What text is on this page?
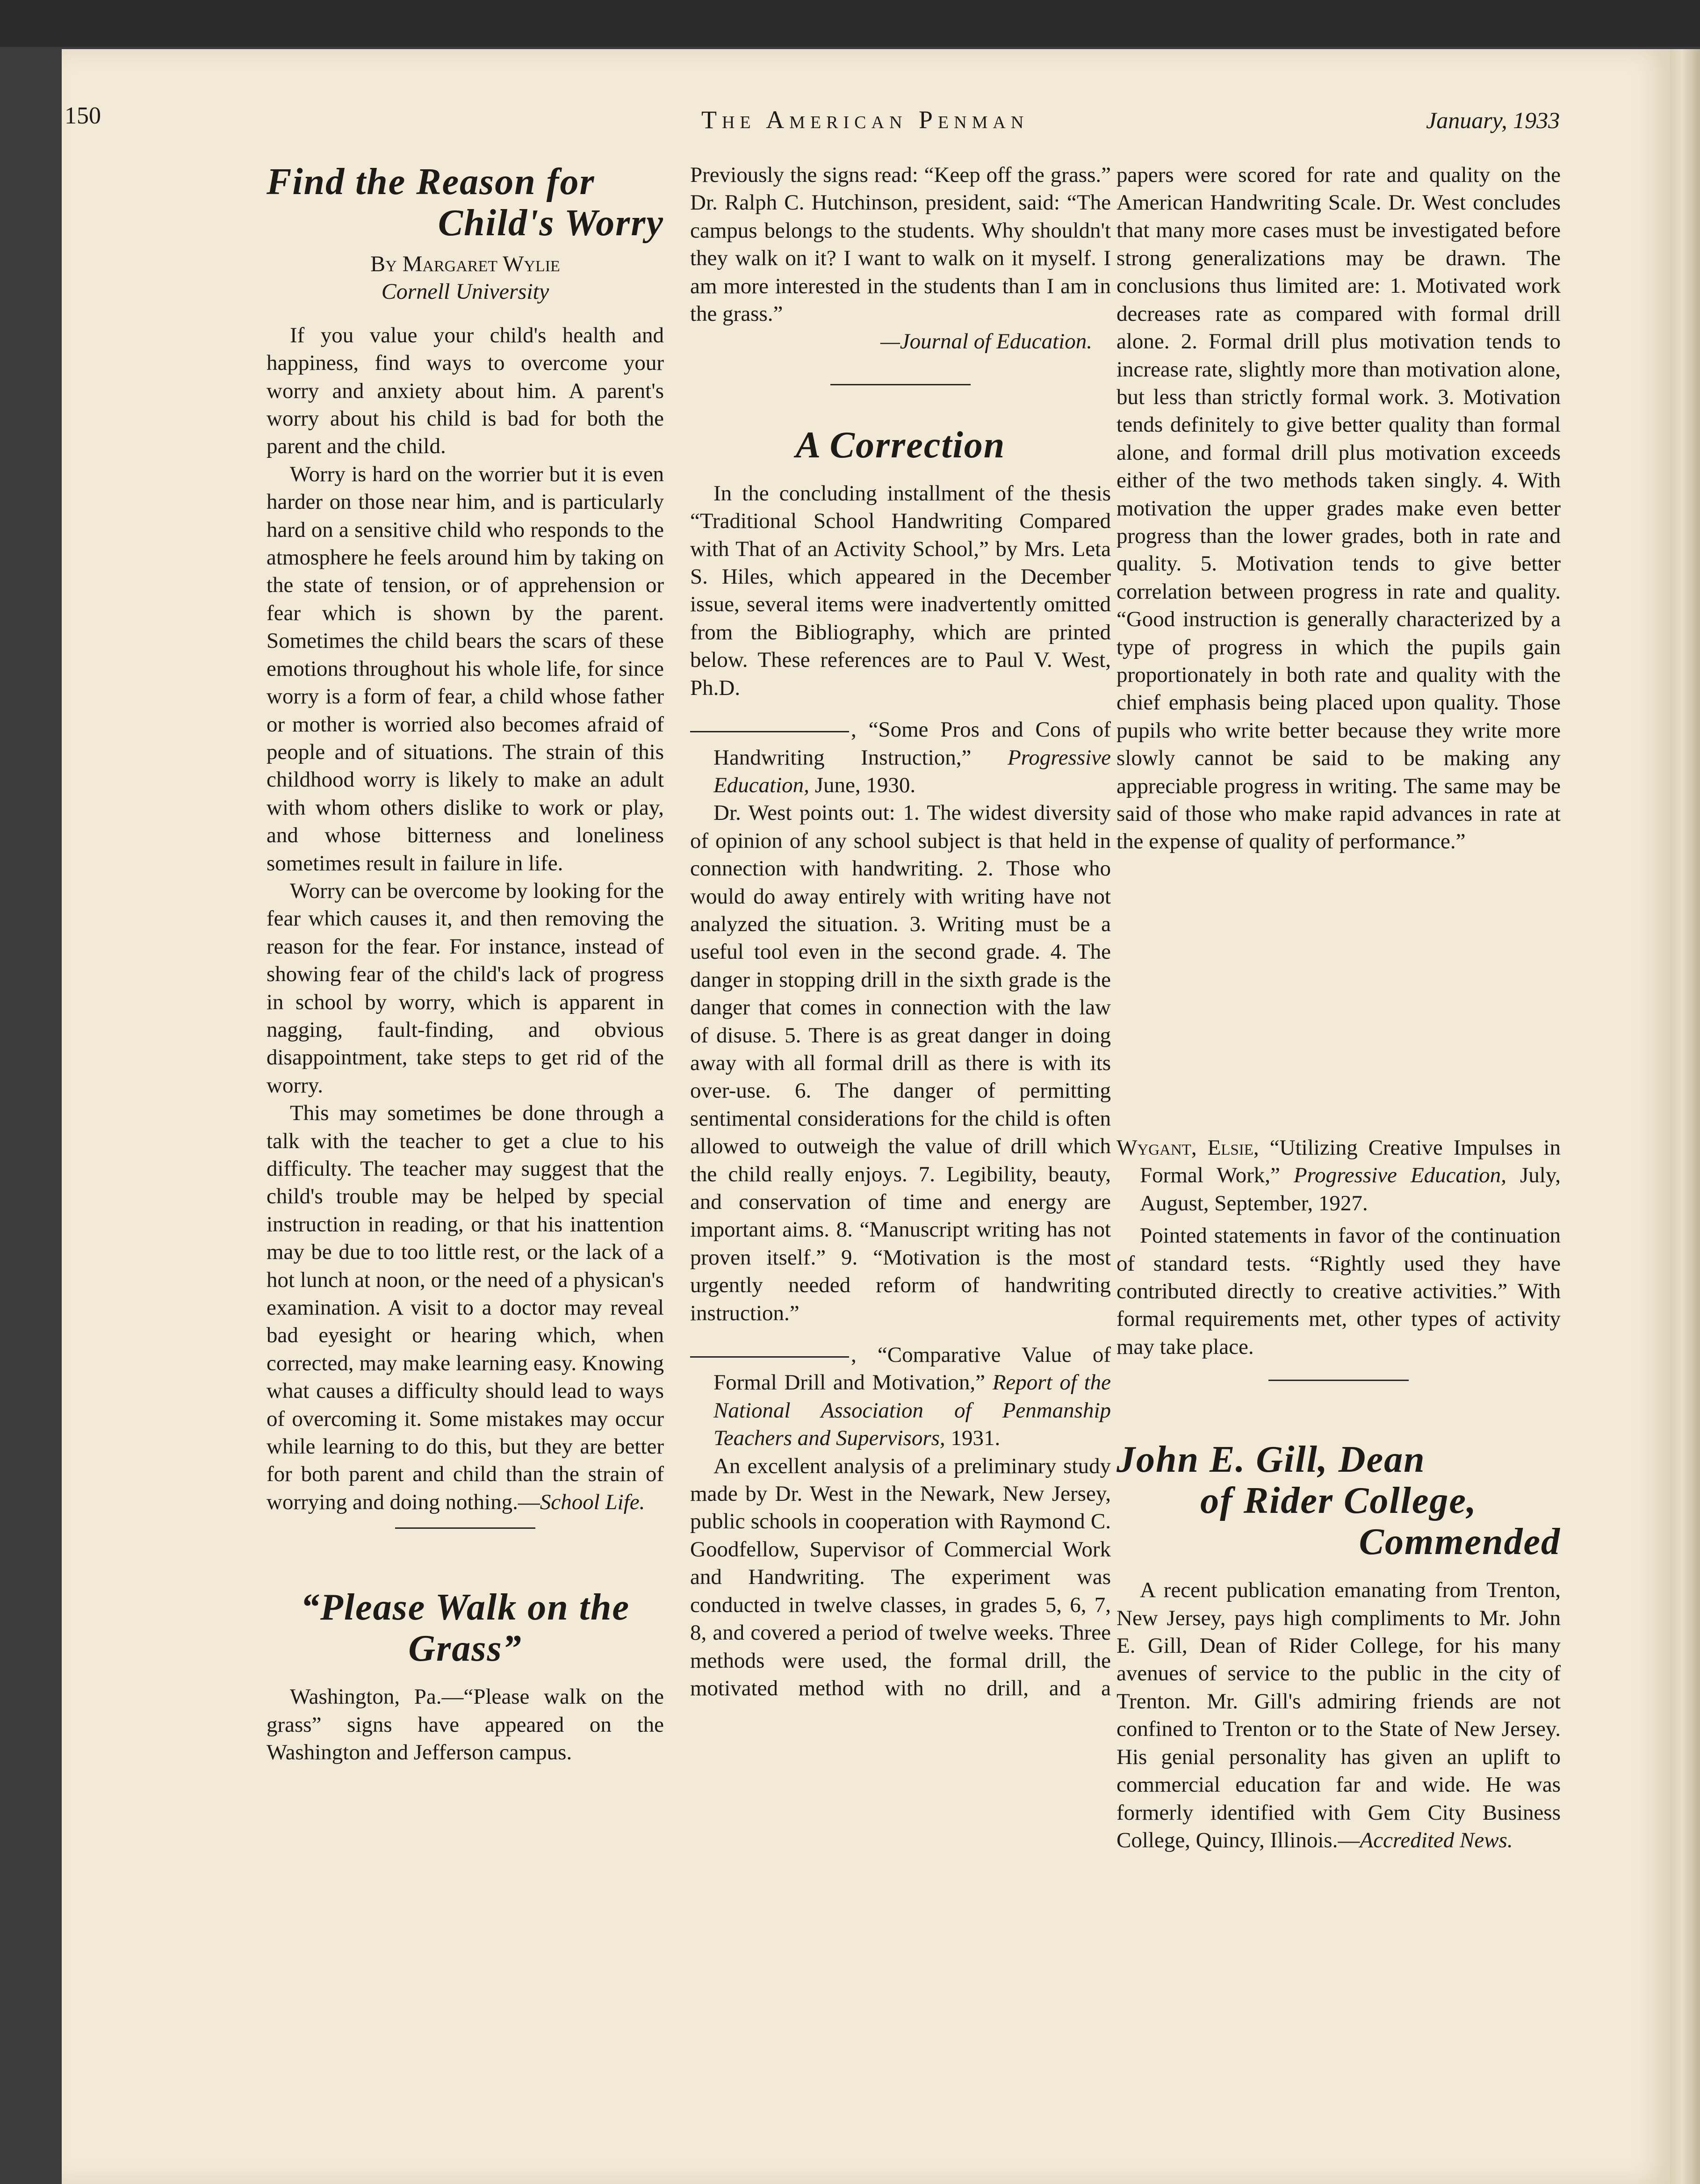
150	The American Penman	January, 1933
Find the Reason for
Child's Worry
By Margaret Wylie
Cornell University

If you value your child's health and happiness, find ways to overcome your worry and anxiety about him. A parent's worry about his child is bad for both the parent and the child.

Worry is hard on the worrier but it is even harder on those near him, and is particularly hard on a sensitive child who responds to the atmosphere he feels around him by taking on the state of tension, or of apprehension or fear which is shown by the parent. Sometimes the child bears the scars of these emotions throughout his whole life, for since worry is a form of fear, a child whose father or mother is worried also becomes afraid of people and of situations. The strain of this childhood worry is likely to make an adult with whom others dislike to work or play, and whose bitterness and loneliness sometimes result in failure in life.

Worry can be overcome by looking for the fear which causes it, and then removing the reason for the fear. For instance, instead of showing fear of the child's lack of progress in school by worry, which is apparent in nagging, fault-finding, and obvious disappointment, take steps to get rid of the worry.

This may sometimes be done through a talk with the teacher to get a clue to his difficulty. The teacher may suggest that the child's trouble may be helped by special instruction in reading, or that his inattention may be due to too little rest, or the lack of a hot lunch at noon, or the need of a physican's examination. A visit to a doctor may reveal bad eyesight or hearing which, when corrected, may make learning easy. Knowing what causes a difficulty should lead to ways of overcoming it. Some mistakes may occur while learning to do this, but they are better for both parent and child than the strain of worrying and doing nothing.—School Life.

“Please Walk on the
Grass”

Washington, Pa.—“Please walk on the grass” signs have appeared on the Washington and Jefferson campus.

Previously the signs read: “Keep off the grass.” Dr. Ralph C. Hutchinson, president, said: “The campus belongs to the students. Why shouldn't they walk on it? I want to walk on it myself. I am more interested in the students than I am in the grass.”

—Journal of Education.

A Correction

In the concluding installment of the thesis “Traditional School Handwriting Compared with That of an Activity School,” by Mrs. Leta S. Hiles, which appeared in the December issue, several items were inadvertently omitted from the Bibliography, which are printed below. These references are to Paul V. West, Ph.D.

, “Some Pros and Cons of Handwriting Instruction,” Progressive Education, June, 1930.

Dr. West points out: 1. The widest diversity of opinion of any school subject is that held in connection with handwriting. 2. Those who would do away entirely with writing have not analyzed the situation. 3. Writing must be a useful tool even in the second grade. 4. The danger in stopping drill in the sixth grade is the danger that comes in connection with the law of disuse. 5. There is as great danger in doing away with all formal drill as there is with its over-use. 6. The danger of permitting sentimental considerations for the child is often allowed to outweigh the value of drill which the child really enjoys. 7. Legibility, beauty, and conservation of time and energy are important aims. 8. “Manuscript writing has not proven itself.” 9. “Motivation is the most urgently needed reform of handwriting instruction.”

, “Comparative Value of Formal Drill and Motivation,” Report of the National Association of Penmanship Teachers and Supervisors, 1931.

An excellent analysis of a preliminary study made by Dr. West in the Newark, New Jersey, public schools in cooperation with Raymond C. Goodfellow, Supervisor of Commercial Work and Handwriting. The experiment was conducted in twelve classes, in grades 5, 6, 7, 8, and covered a period of twelve weeks. Three methods were used, the formal drill, the motivated method with no drill, and a
papers were scored for rate and quality on the American Handwriting Scale. Dr. West concludes that many more cases must be investigated before strong generalizations may be drawn. The conclusions thus limited are: 1. Motivated work decreases rate as compared with formal drill alone. 2. Formal drill plus motivation tends to increase rate, slightly more than motivation alone, but less than strictly formal work. 3. Motivation tends definitely to give better quality than formal alone, and formal drill plus motivation exceeds either of the two methods taken singly. 4. With motivation the upper grades make even better progress than the lower grades, both in rate and quality. 5. Motivation tends to give better correlation between progress in rate and quality. “Good instruction is generally characterized by a type of progress in which the pupils gain proportionately in both rate and quality with the chief emphasis being placed upon quality. Those pupils who write better because they write more slowly cannot be said to be making any appreciable progress in writing. The same may be said of those who make rapid advances in rate at the expense of quality of performance.”

Wygant, Elsie, “Utilizing Creative Impulses in Formal Work,” Progressive Education, July, August, September, 1927.

Pointed statements in favor of the continuation of standard tests. “Rightly used they have contributed directly to creative activities.” With formal requirements met, other types of activity may take place.

John E. Gill, Dean
of Rider College,
Commended

A recent publication emanating from Trenton, New Jersey, pays high compliments to Mr. John E. Gill, Dean of Rider College, for his many avenues of service to the public in the city of Trenton. Mr. Gill's admiring friends are not confined to Trenton or to the State of New Jersey. His genial personality has given an uplift to commercial education far and wide. He was formerly identified with Gem City Business College, Quincy, Illinois.—Accredited News.
